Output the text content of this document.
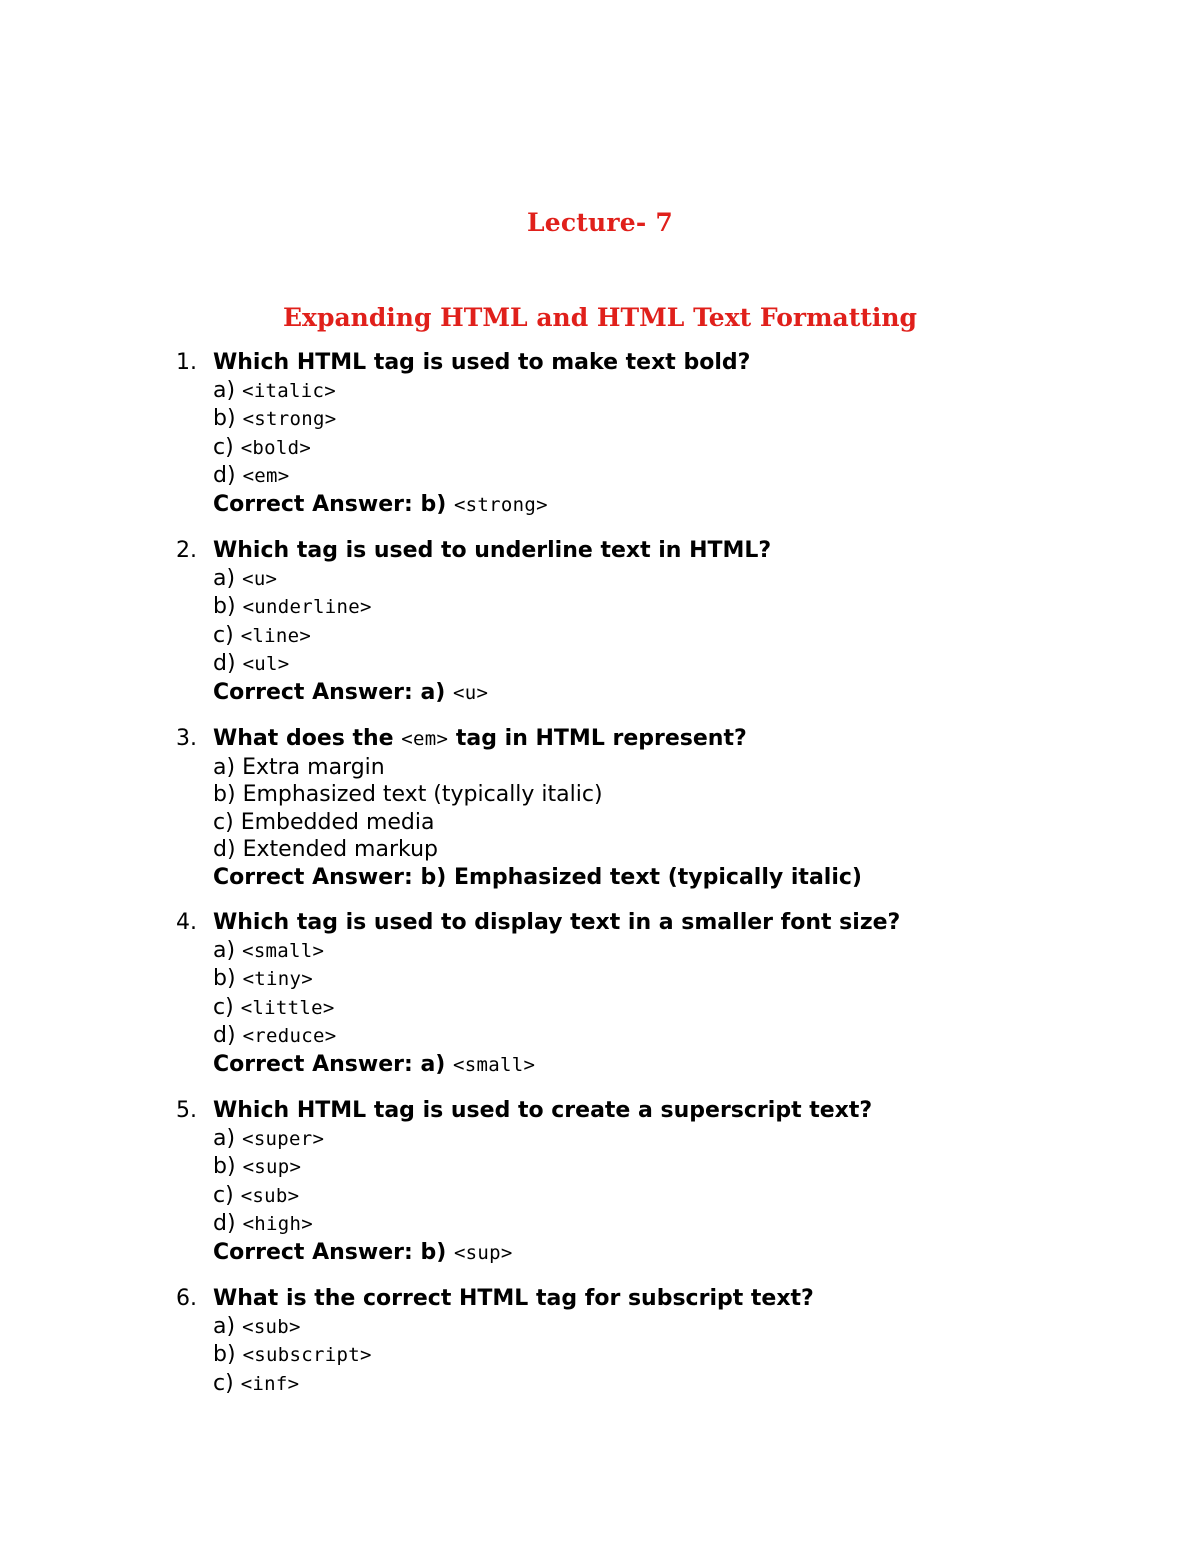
Lecture- 7
Expanding HTML and HTML Text Formatting
1. Which HTML tag is used to make text bold?
a) <italic>
b) <strong>
c) <bold>
d) <em>
Correct Answer: b) <strong>
2. Which tag is used to underline text in HTML?
a) <u>
b) <underline>
c) <line>
d) <ul>
Correct Answer: a) <u>
3. What does the <em> tag in HTML represent?
a) Extra margin
b) Emphasized text (typically italic)
c) Embedded media
d) Extended markup
Correct Answer: b) Emphasized text (typically italic)
4. Which tag is used to display text in a smaller font size?
a) <small>
b) <tiny>
c) <little>
d) <reduce>
Correct Answer: a) <small>
5. Which HTML tag is used to create a superscript text?
a) <super>
b) <sup>
c) <sub>
d) <high>
Correct Answer: b) <sup>
6. What is the correct HTML tag for subscript text?
a) <sub>
b) <subscript>
c) <inf>
